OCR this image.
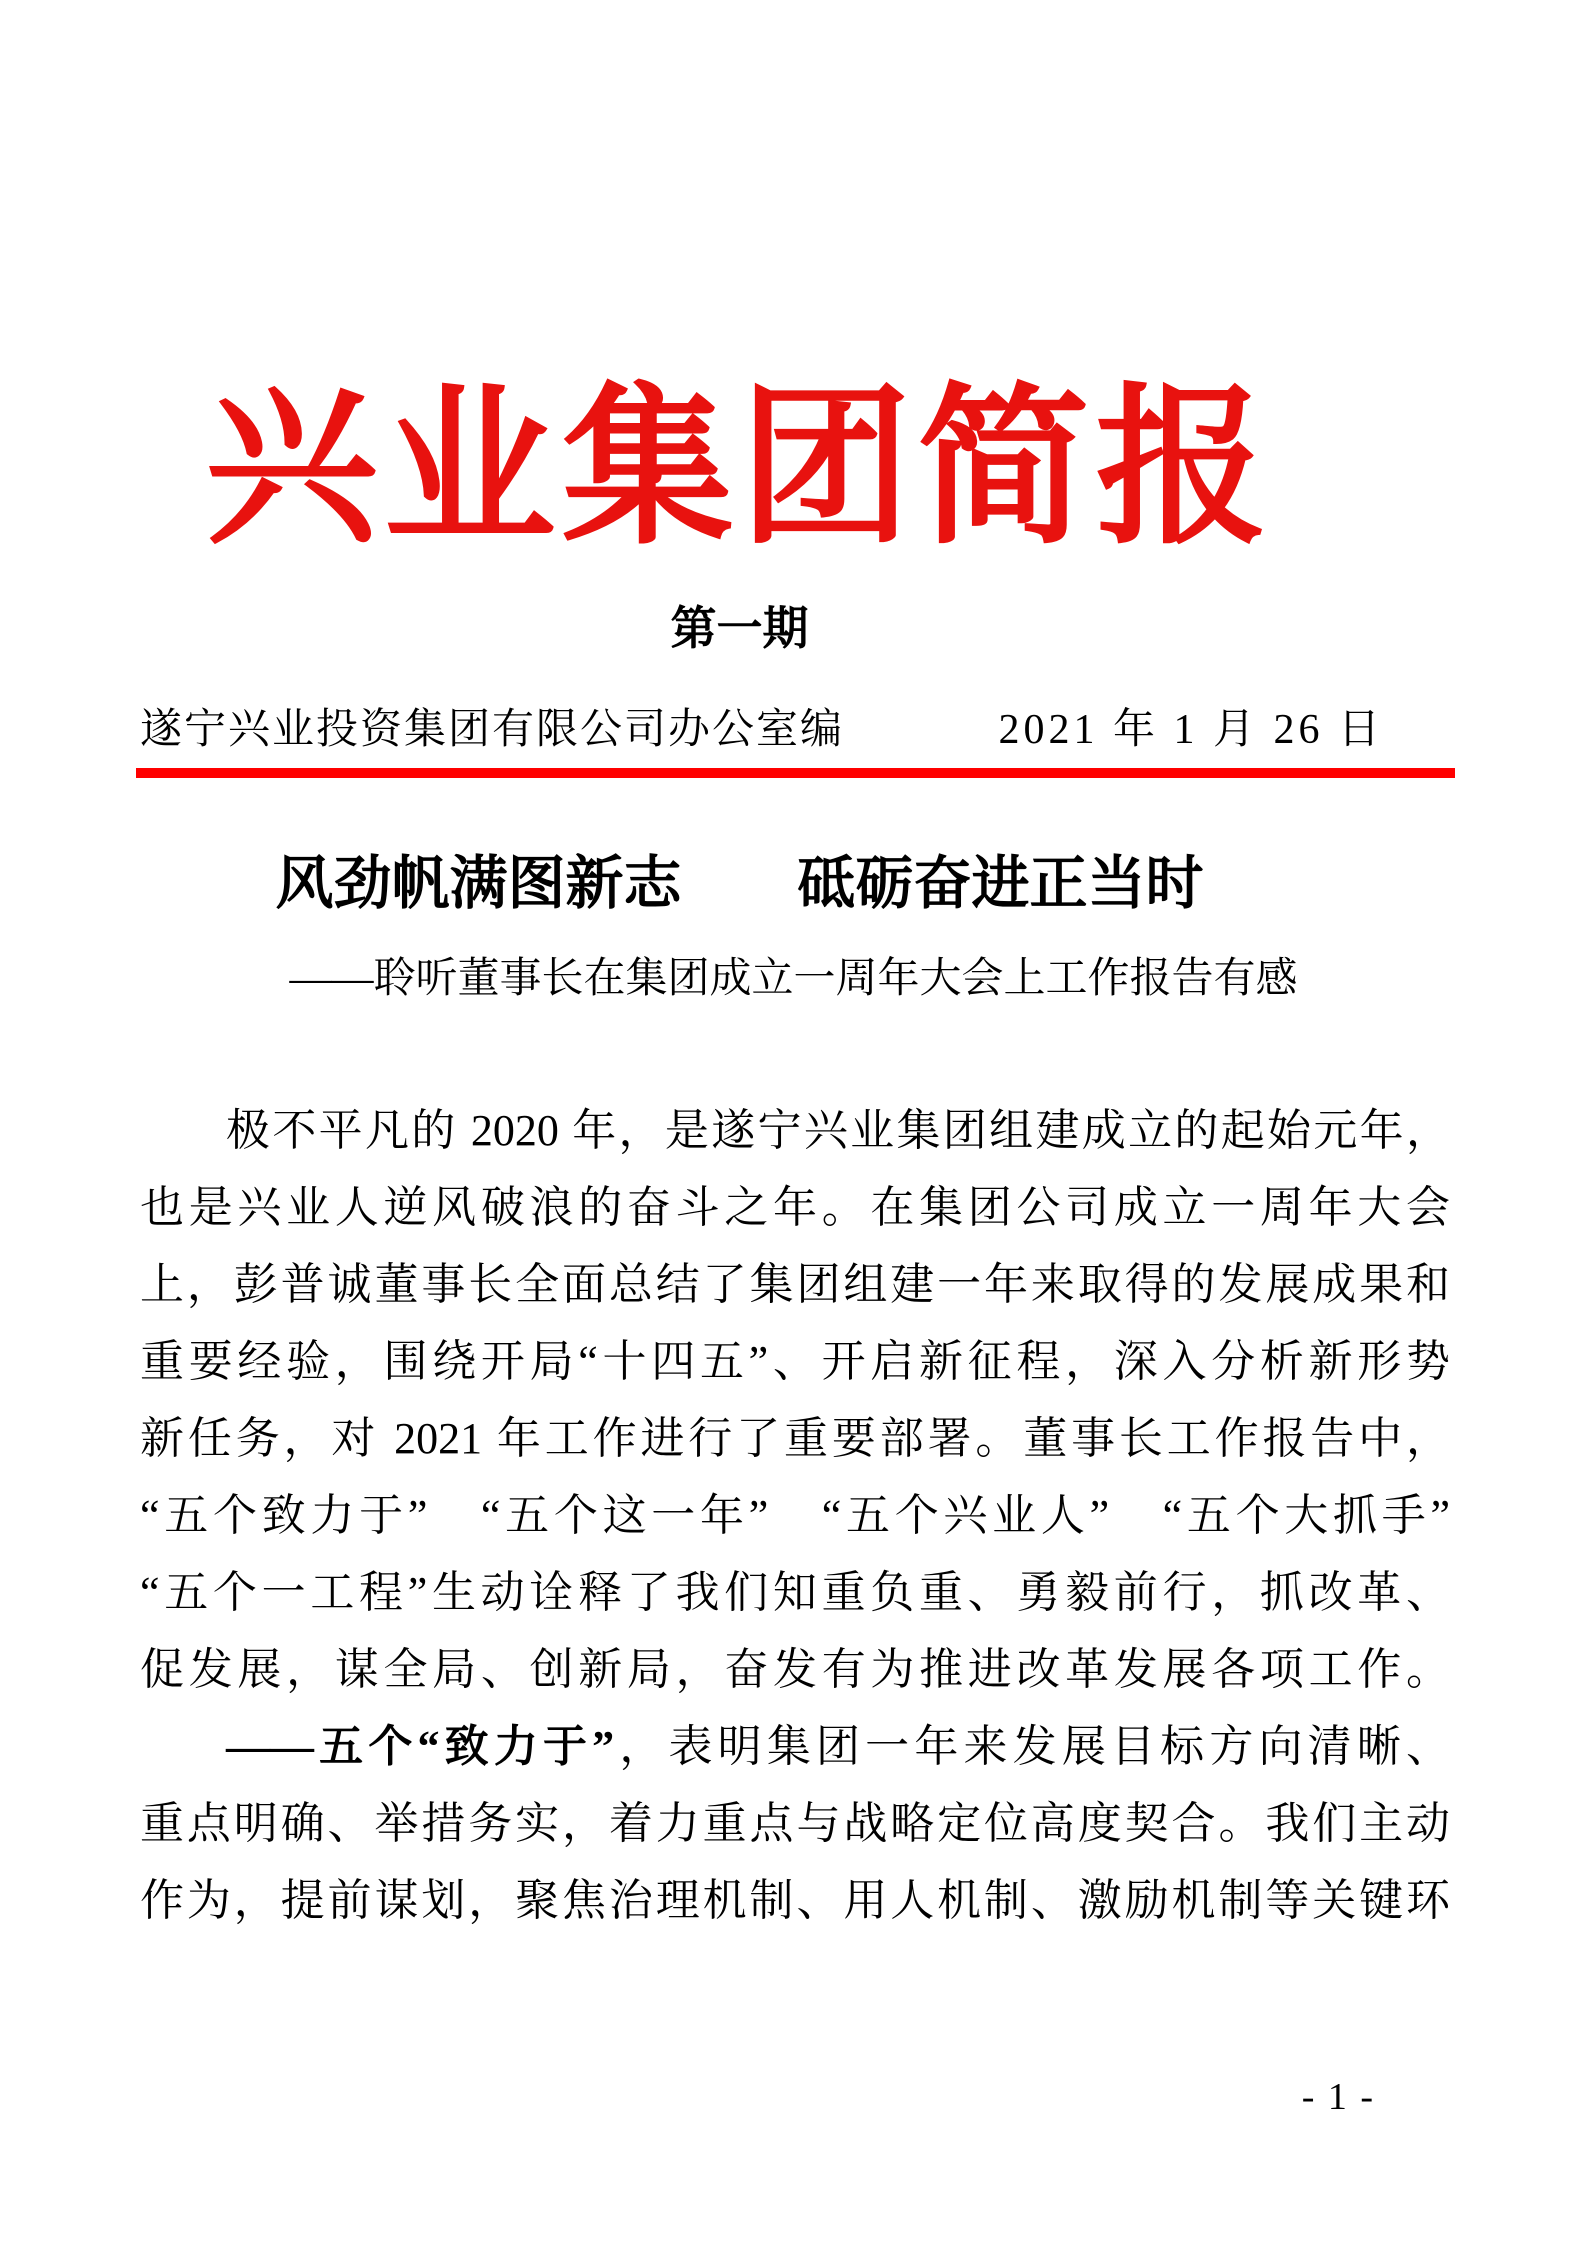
兴业集团简报
第一期
遂宁兴业投资集团有限公司办公室编	2021 年 1 月 26 日
风劲帆满图新志　　砥砺奋进正当时
——聆听董事长在集团成立一周年大会上工作报告有感
极不平凡的 2020 年，是遂宁兴业集团组建成立的起始元年，
也是兴业人逆风破浪的奋斗之年。在集团公司成立一周年大会
上，彭普诚董事长全面总结了集团组建一年来取得的发展成果和
重要经验，围绕开局“十四五”、开启新征程，深入分析新形势
新任务，对 2021 年工作进行了重要部署。董事长工作报告中，
“五个致力于”　“五个这一年”　“五个兴业人”　“五个大抓手”
“五个一工程”生动诠释了我们知重负重、勇毅前行，抓改革、
促发展，谋全局、创新局，奋发有为推进改革发展各项工作。
——五个“致力于”，表明集团一年来发展目标方向清晰、
重点明确、举措务实，着力重点与战略定位高度契合。我们主动
作为，提前谋划，聚焦治理机制、用人机制、激励机制等关键环
- 1 -
